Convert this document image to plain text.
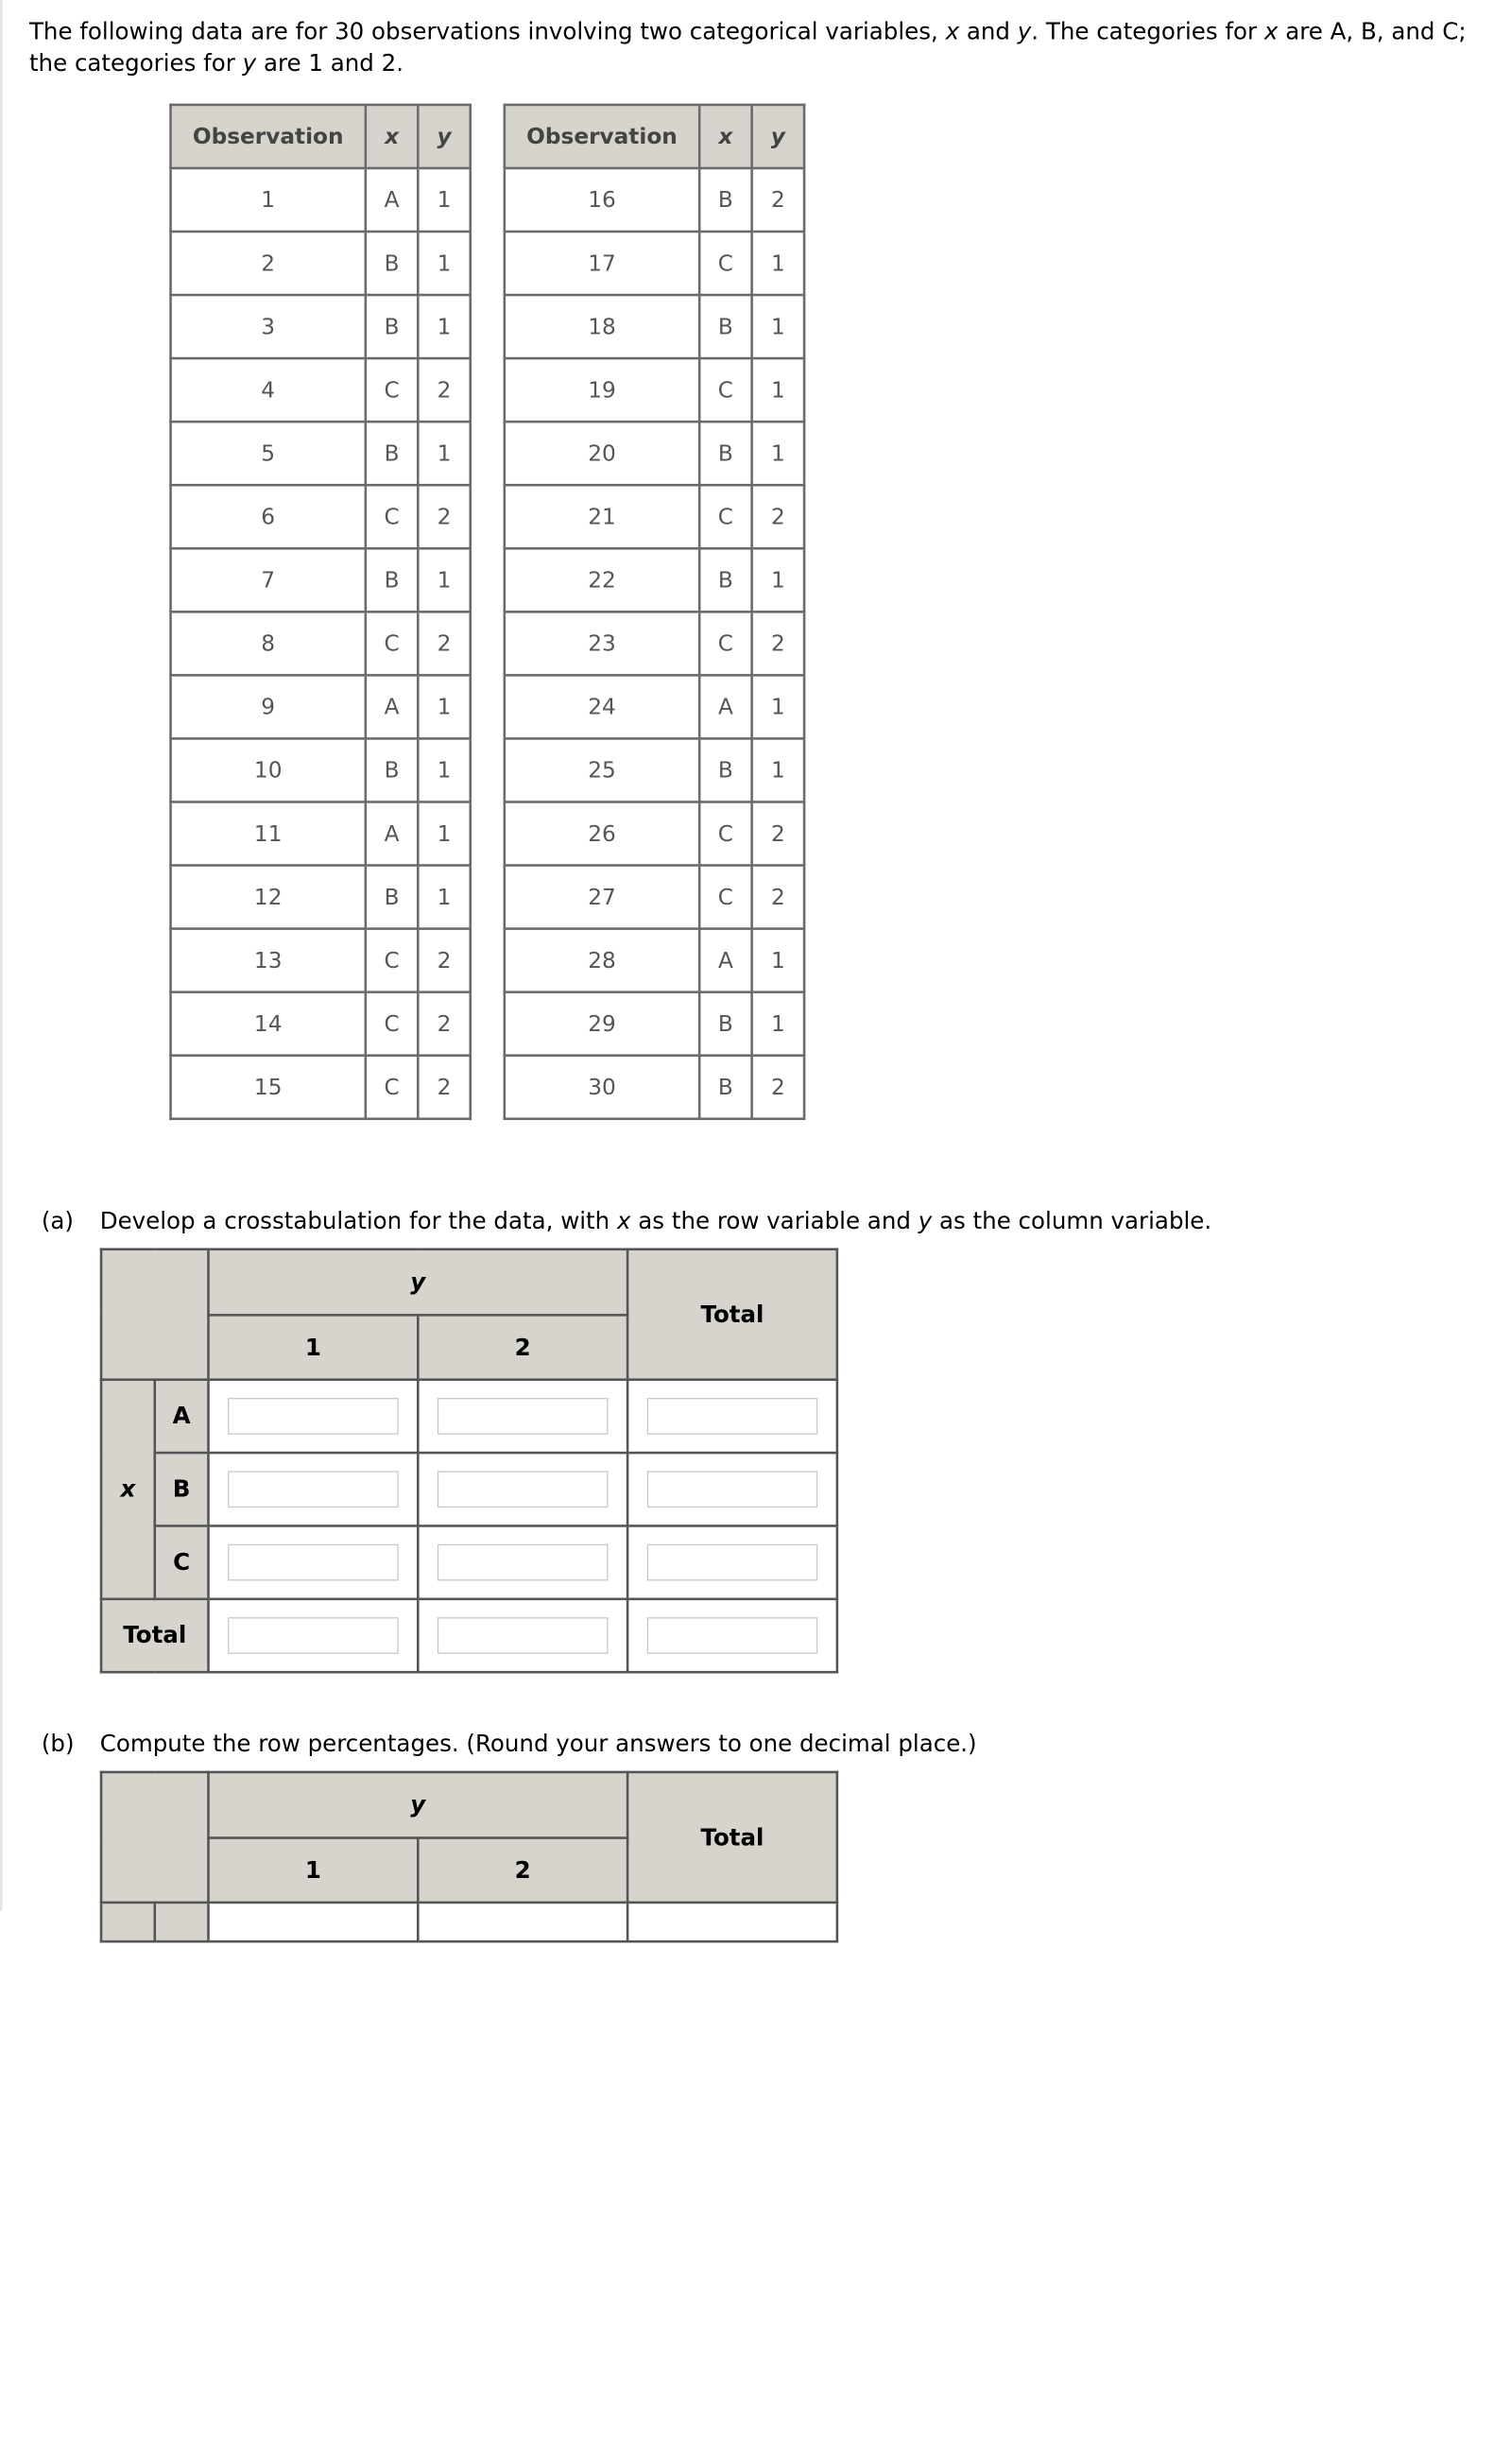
The following data are for 30 observations involving two categorical variables, x and y. The categories for x are A, B, and C; the categories for y are 1 and 2.

Observation	x	y
1	A	1
2	B	1
3	B	1
4	C	2
5	B	1
6	C	2
7	B	1
8	C	2
9	A	1
10	B	1
11	A	1
12	B	1
13	C	2
14	C	2
15	C	2
Observation	x	y
16	B	2
17	C	1
18	B	1
19	C	1
20	B	1
21	C	2
22	B	1
23	C	2
24	A	1
25	B	1
26	C	2
27	C	2
28	A	1
29	B	1
30	B	2
(a) Develop a crosstabulation for the data, with x as the row variable and y as the column variable.
		y		Total
		1	2	
x	A	

	B	

	C	

Total	

(b) Compute the row percentages. (Round your answers to one decimal place.)
		y		Total
		1	2	
